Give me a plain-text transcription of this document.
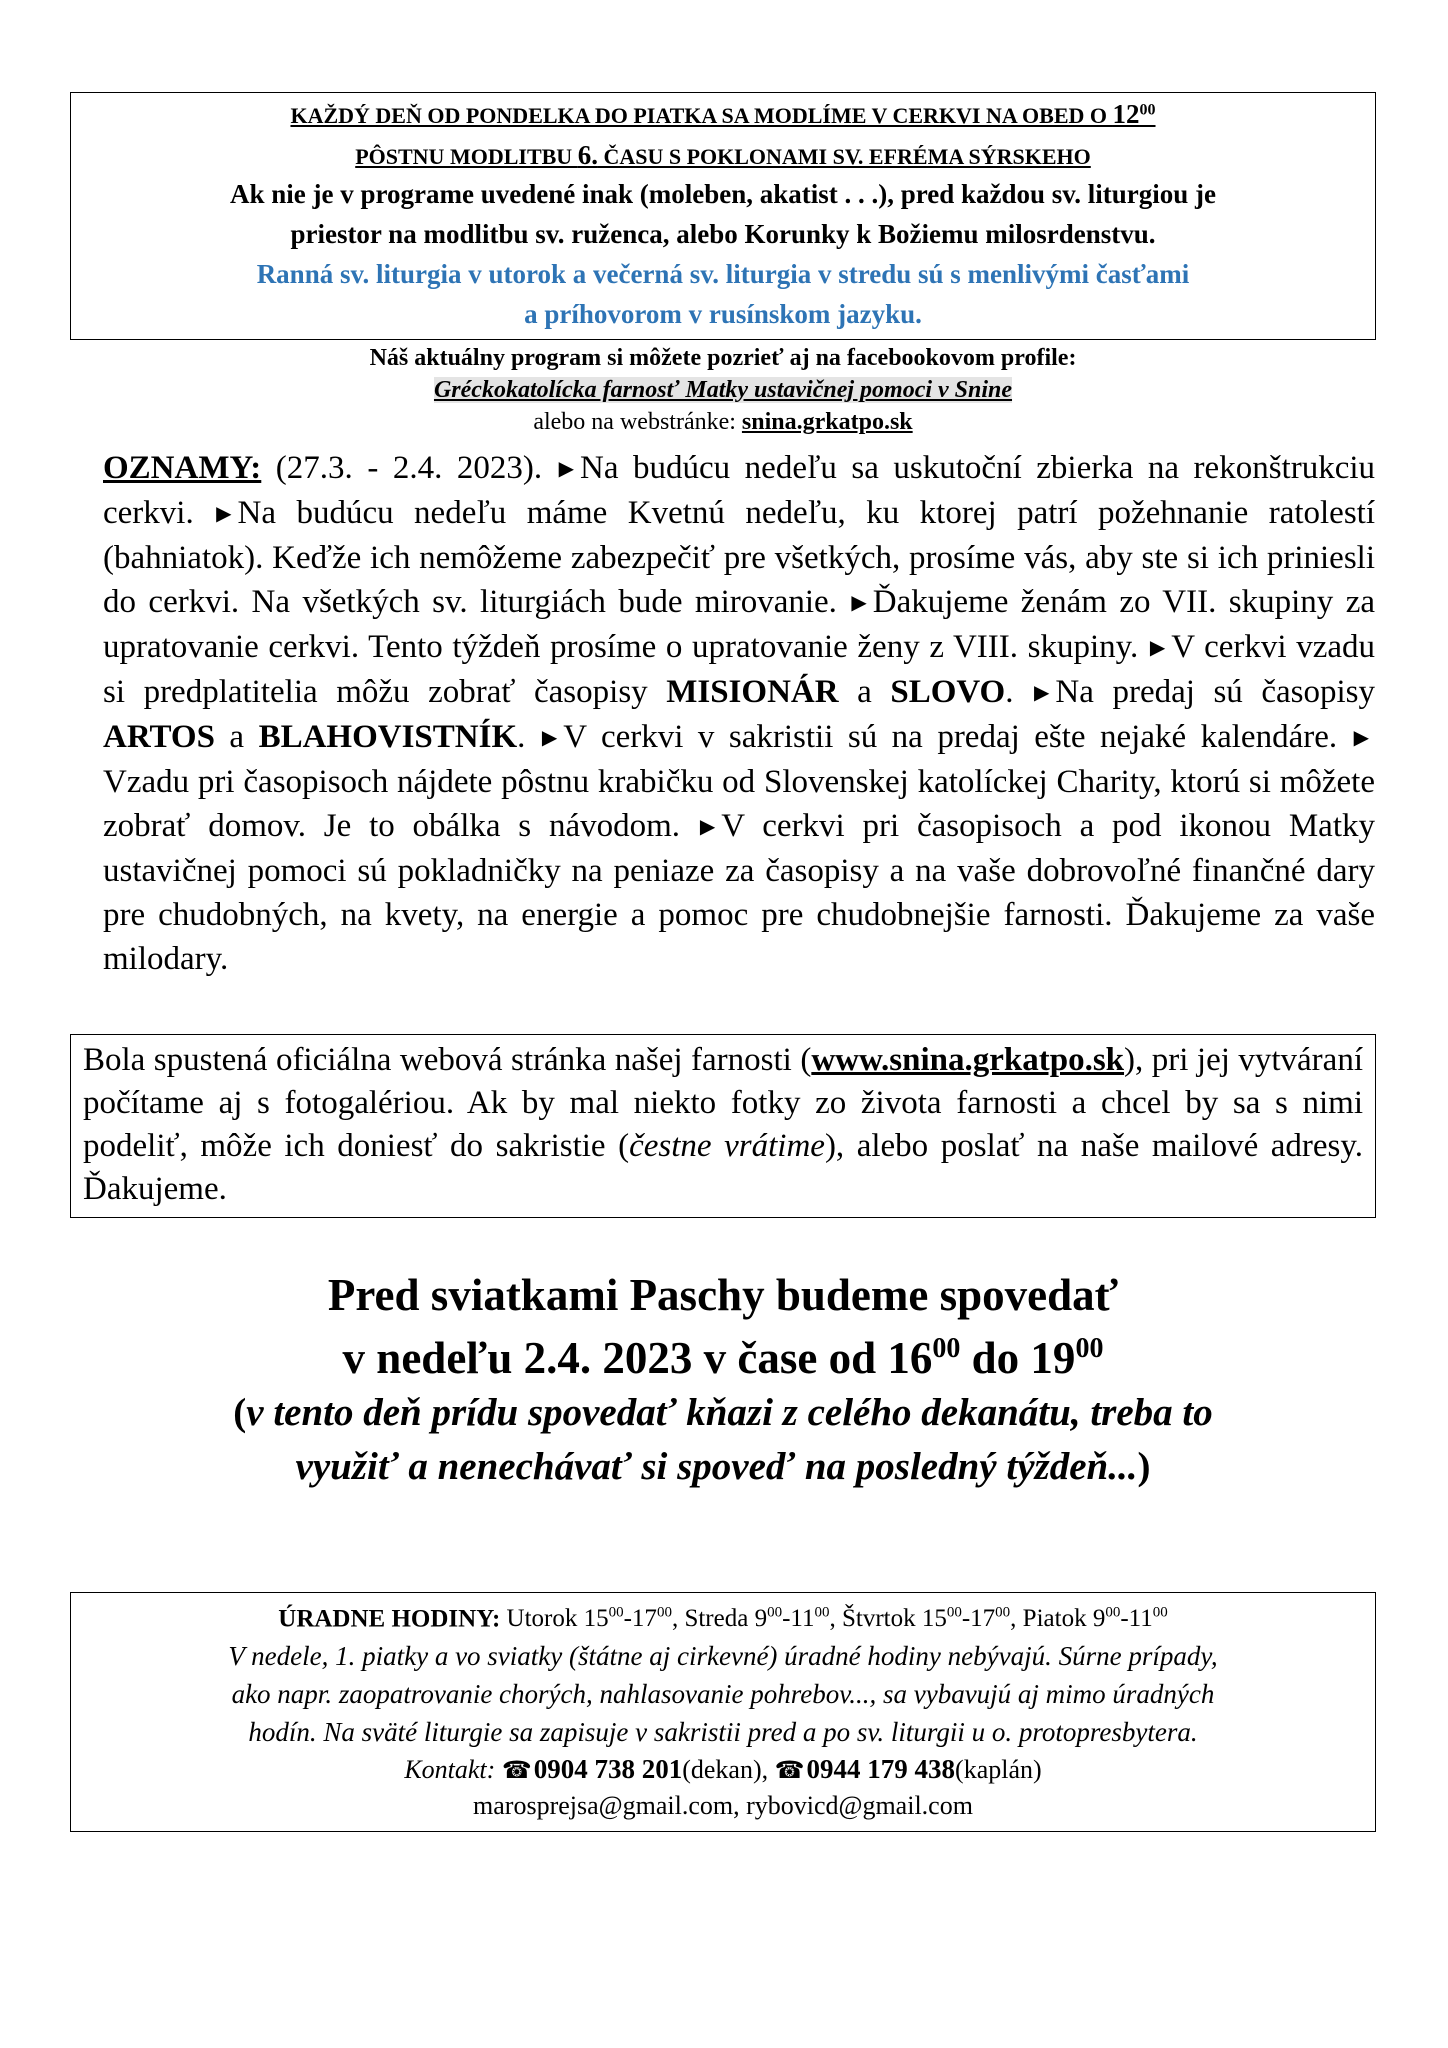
KAŽDÝ DEŇ OD PONDELKA DO PIATKA SA MODLÍME V CERKVI NA OBED O $12^{00}$
PÔSTNU MODLITBU 6. ČASU S POKLONAMI SV. EFRÉMA SÝRSKEHO
Ak nie je v programe uvedené inak (moleben, akatist . . .), pred každou sv. liturgiou je
priestor na modlitbu sv. ruženca, alebo Korunky k Božiemu milosrdenstvu.
Ranná sv. liturgia v utorok a večerná sv. liturgia v stredu sú s menlivými časťami
a príhovorom v rusínskom jazyku.
Náš aktuálny program si môžete pozrieť aj na facebookovom profile:
Gréckokatolícka farnosť Matky ustavičnej pomoci v Snine
alebo na webstránke: snina.grkatpo.sk
OZNAMY: (27.3. - 2.4. 2023). ▶ Na budúcu nedeľu sa uskutoční zbierka na rekonštrukciu cerkvi. ▶ Na budúcu nedeľu máme Kvetnú nedeľu, ku ktorej patrí požehnanie ratolestí (bahniatok). Keďže ich nemôžeme zabezpečiť pre všetkých, prosíme vás, aby ste si ich priniesli do cerkvi. Na všetkých sv. liturgiách bude mirovanie. ▶ Ďakujeme ženám zo VII. skupiny za upratovanie cerkvi. Tento týždeň prosíme o upratovanie ženy z VIII. skupiny. ▶ V cerkvi vzadu si predplatitelia môžu zobrať časopisy MISIONÁR a SLOVO. ▶ Na predaj sú časopisy ARTOS a BLAHOVISTNÍK. ▶ V cerkvi v sakristii sú na predaj ešte nejaké kalendáre. ▶Vzadu pri časopisoch nájdete pôstnu krabičku od Slovenskej katolíckej Charity, ktorú si môžete zobrať domov. Je to obálka s návodom. ▶ V cerkvi pri časopisoch a pod ikonou Matky ustavičnej pomoci sú pokladničky na peniaze za časopisy a na vaše dobrovoľné finančné dary pre chudobných, na kvety, na energie a pomoc pre chudobnejšie farnosti. Ďakujeme za vaše milodary.
Bola spustená oficiálna webová stránka našej farnosti (www.snina.grkatpo.sk), pri jej vytváraní počítame aj s fotogalériou. Ak by mal niekto fotky zo života farnosti a chcel by sa s nimi podeliť, môže ich doniesť do sakristie (čestne vrátime), alebo poslať na naše mailové adresy. Ďakujeme.
Pred sviatkami Paschy budeme spovedať
v nedeľu 2.4. 2023 v čase od $16^{00}$ do $19^{00}$
(v tento deň prídu spovedať kňazi z celého dekanátu, treba to
využiť a nenechávať si spoveď na posledný týždeň...)
ÚRADNE HODINY: Utorok $15^{00}-17^{00}$, Streda $9^{00}-11^{00}$, Štvrtok $15^{00}-17^{00}$, Piatok $9^{00}-11^{00}$
V nedele, 1. piatky a vo sviatky (štátne aj cirkevné) úradné hodiny nebývajú. Súrne prípady,
ako napr. zaopatrovanie chorých, nahlasovanie pohrebov..., sa vybavujú aj mimo úradných
hodín. Na sväté liturgie sa zapisuje v sakristii pred a po sv. liturgii u o. protopresbytera.
Kontakt: ☎0904 738 201(dekan), ☎0944 179 438(kaplán)
marosprejsa@gmail.com, rybovicd@gmail.com
